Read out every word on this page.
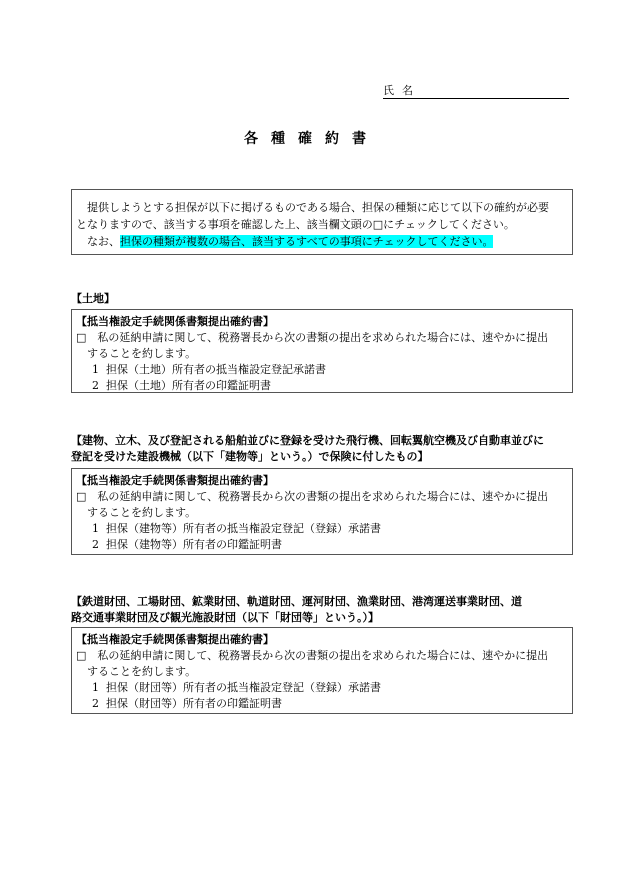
氏名
各種確約書
提供しようとする担保が以下に掲げるものである場合、担保の種類に応じて以下の確約が必要
となりますので、該当する事項を確認した上、該当欄文頭の□にチェックしてください。
なお、担保の種類が複数の場合、該当するすべての事項にチェックしてください。
【土地】
【抵当権設定手続関係書類提出確約書】
□　 私の延納申請に関して、税務署長から次の書類の提出を求められた場合には、速やかに提出
することを約します。
1 担保（土地）所有者の抵当権設定登記承諾書
2 担保（土地）所有者の印鑑証明書
【建物、立木、及び登記される船舶並びに登録を受けた飛行機、回転翼航空機及び自動車並びに
登記を受けた建設機械（以下「建物等」という。）で保険に付したもの】
【抵当権設定手続関係書類提出確約書】
□　 私の延納申請に関して、税務署長から次の書類の提出を求められた場合には、速やかに提出
することを約します。
1 担保（建物等）所有者の抵当権設定登記（登録）承諾書
2 担保（建物等）所有者の印鑑証明書
【鉄道財団、工場財団、鉱業財団、軌道財団、運河財団、漁業財団、港湾運送事業財団、道
路交通事業財団及び観光施設財団（以下「財団等」という。）】
【抵当権設定手続関係書類提出確約書】
□　 私の延納申請に関して、税務署長から次の書類の提出を求められた場合には、速やかに提出
することを約します。
1 担保（財団等）所有者の抵当権設定登記（登録）承諾書
2 担保（財団等）所有者の印鑑証明書
